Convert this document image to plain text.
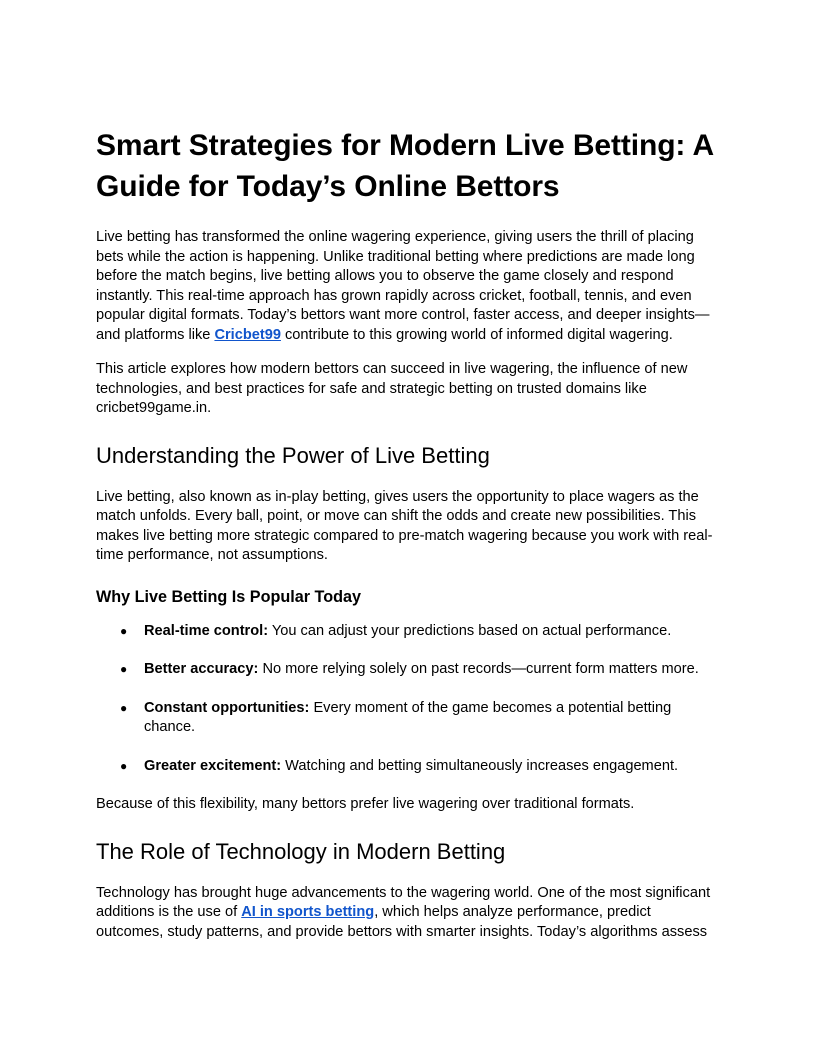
Smart Strategies for Modern Live Betting: A Guide for Today’s Online Bettors

Live betting has transformed the online wagering experience, giving users the thrill of placing bets while the action is happening. Unlike traditional betting where predictions are made long before the match begins, live betting allows you to observe the game closely and respond instantly. This real-time approach has grown rapidly across cricket, football, tennis, and even popular digital formats. Today’s bettors want more control, faster access, and deeper insights—and platforms like Cricbet99 contribute to this growing world of informed digital wagering.

This article explores how modern bettors can succeed in live wagering, the influence of new technologies, and best practices for safe and strategic betting on trusted domains like cricbet99game.in.

Understanding the Power of Live Betting

Live betting, also known as in-play betting, gives users the opportunity to place wagers as the match unfolds. Every ball, point, or move can shift the odds and create new possibilities. This makes live betting more strategic compared to pre-match wagering because you work with real-time performance, not assumptions.

Why Live Betting Is Popular Today
● Real-time control: You can adjust your predictions based on actual performance.
● Better accuracy: No more relying solely on past records—current form matters more.
● Constant opportunities: Every moment of the game becomes a potential betting chance.
● Greater excitement: Watching and betting simultaneously increases engagement.

Because of this flexibility, many bettors prefer live wagering over traditional formats.

The Role of Technology in Modern Betting

Technology has brought huge advancements to the wagering world. One of the most significant additions is the use of AI in sports betting, which helps analyze performance, predict outcomes, study patterns, and provide bettors with smarter insights. Today’s algorithms assess
